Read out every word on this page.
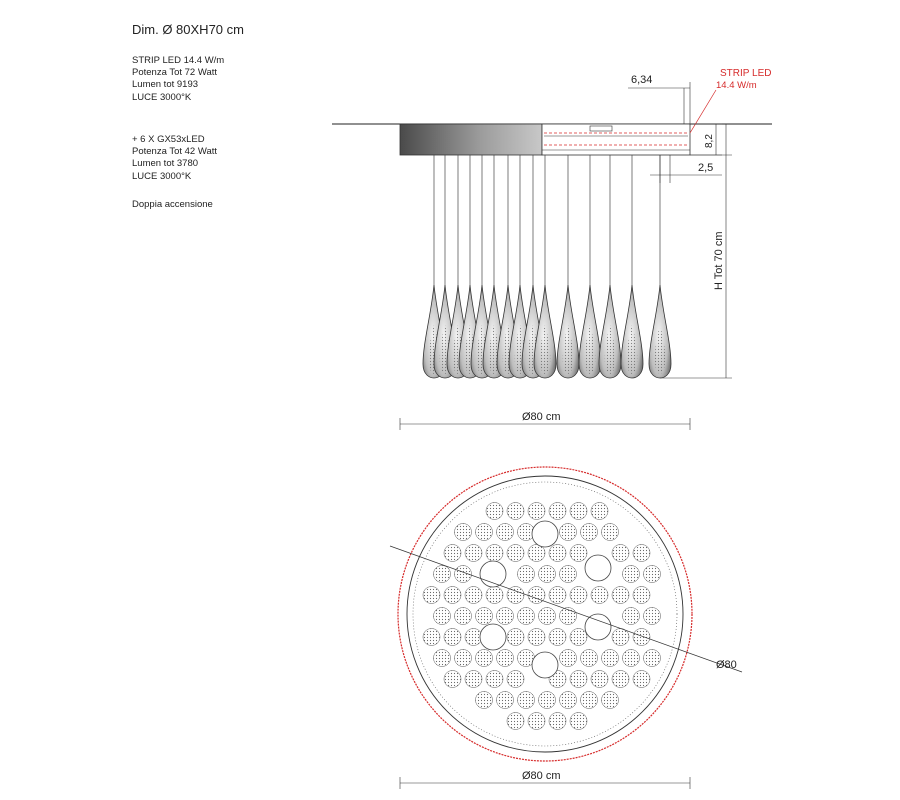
Dim. Ø 80XH70 cm
STRIP LED 14.4 W/m
Potenza Tot 72 Watt
Lumen tot 9193
LUCE 3000°K
+ 6 X GX53xLED
Potenza Tot 42 Watt
Lumen tot 3780
LUCE 3000°K
Doppia accensione
6,34
STRIP LED
14.4 W/m
8,2
2,5
H Tot 70 cm
Ø80 cm
Ø80
Ø80 cm
